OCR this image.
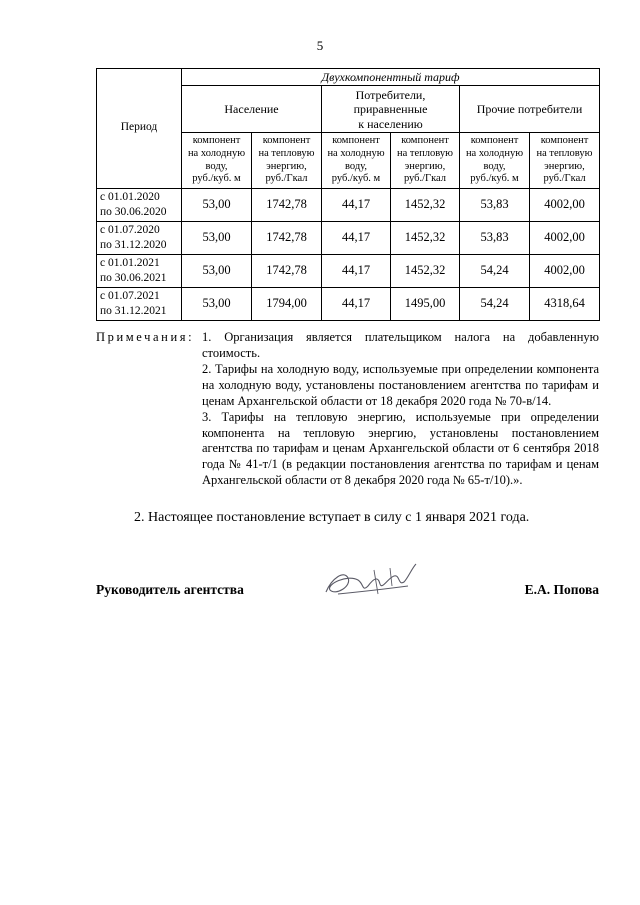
5
Период	Двухкомпонентный тариф					
	Население		Потребители,
приравненные
к населению		Прочие потребители	
	компонент
на холодную
воду,
руб./куб. м	компонент
на тепловую
энергию,
руб./Гкал	компонент
на холодную
воду,
руб./куб. м	компонент
на тепловую
энергию,
руб./Гкал	компонент
на холодную
воду,
руб./куб. м	компонент
на тепловую
энергию,
руб./Гкал
с 01.01.2020
по 30.06.2020	53,00	1742,78	44,17	1452,32	53,83	4002,00
с 01.07.2020
по 31.12.2020	53,00	1742,78	44,17	1452,32	53,83	4002,00
с 01.01.2021
по 30.06.2021	53,00	1742,78	44,17	1452,32	54,24	4002,00
с 01.07.2021
по 31.12.2021	53,00	1794,00	44,17	1495,00	54,24	4318,64
Примечания: 1. Организация является плательщиком налога на добавленную стоимость.
2. Тарифы на холодную воду, используемые при определении компонента на холодную воду, установлены постановлением агентства по тарифам и ценам Архангельской области от 18 декабря 2020 года № 70-в/14.
3. Тарифы на тепловую энергию, используемые при определении компонента на тепловую энергию, установлены постановлением агентства по тарифам и ценам Архангельской области от 6 сентября 2018 года № 41-т/1 (в редакции постановления агентства по тарифам и ценам Архангельской области от 8 декабря 2020 года № 65-т/10).».
2. Настоящее постановление вступает в силу с 1 января 2021 года.
Руководитель агентства	Е.А. Попова
